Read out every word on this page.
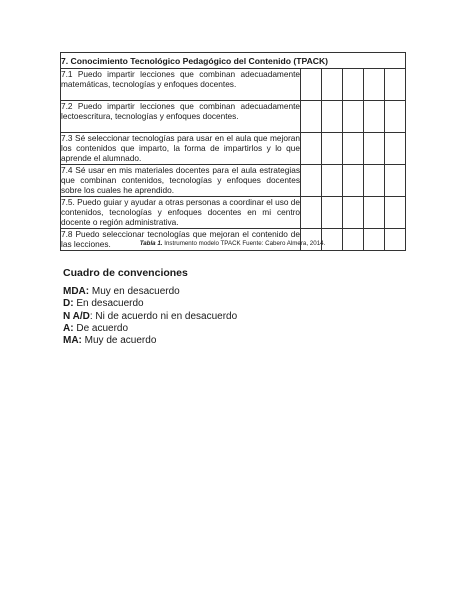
7. Conocimiento Tecnológico Pedagógico del Contenido (TPACK)					
7.1 Puedo impartir lecciones que combinan adecuadamente matemáticas, tecnologías y enfoques docentes.					
7.2 Puedo impartir lecciones que combinan adecuadamente lectoescritura, tecnologías y enfoques docentes.					
7.3 Sé seleccionar tecnologías para usar en el aula que mejoran los contenidos que imparto, la forma de impartirlos y lo que aprende el alumnado.					
7.4 Sé usar en mis materiales docentes para el aula estrategias que combinan contenidos, tecnologías y enfoques docentes sobre los cuales he aprendido.					
7.5. Puedo guiar y ayudar a otras personas a coordinar el uso de contenidos, tecnologías y enfoques docentes en mi centro docente o región administrativa.					
7.8 Puedo seleccionar tecnologías que mejoran el contenido de las lecciones.						Tabla 1. Instrumento modelo TPACK Fuente: Cabero Almera, 2014.
Cuadro de convenciones
MDA: Muy en desacuerdo
D: En desacuerdo
N A/D: Ni de acuerdo ni en desacuerdo
A: De acuerdo
MA: Muy de acuerdo
